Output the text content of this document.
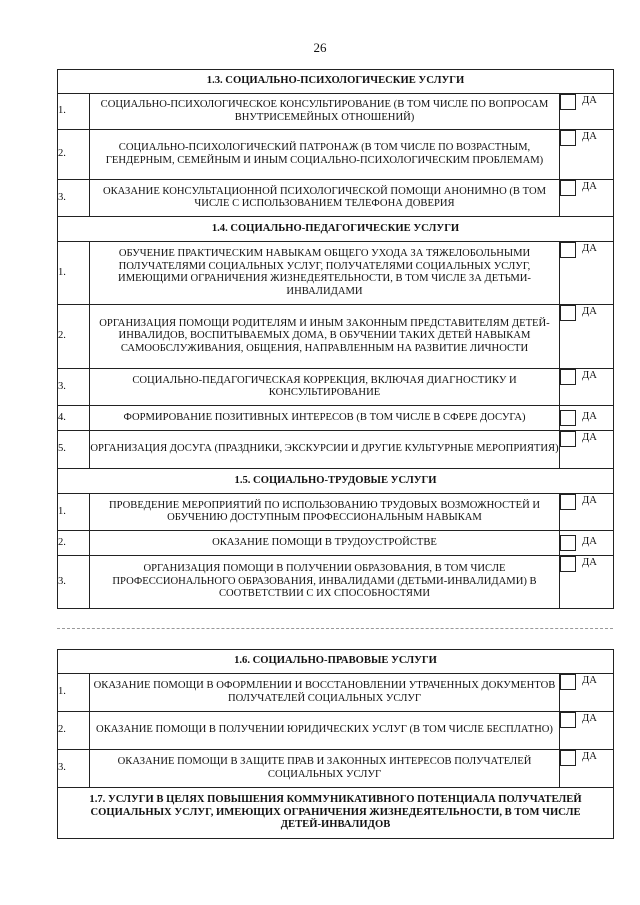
26
1.3. СОЦИАЛЬНО-ПСИХОЛОГИЧЕСКИЕ УСЛУГИ		
1.	СОЦИАЛЬНО-ПСИХОЛОГИЧЕСКОЕ КОНСУЛЬТИРОВАНИЕ (В ТОМ ЧИСЛЕ ПО ВОПРОСАМ ВНУТРИСЕМЕЙНЫХ ОТНОШЕНИЙ)	ДА
2.	СОЦИАЛЬНО-ПСИХОЛОГИЧЕСКИЙ ПАТРОНАЖ (В ТОМ ЧИСЛЕ ПО ВОЗРАСТНЫМ, ГЕНДЕРНЫМ, СЕМЕЙНЫМ И ИНЫМ СОЦИАЛЬНО-ПСИХОЛОГИЧЕСКИМ ПРОБЛЕМАМ)	ДА
3.	ОКАЗАНИЕ КОНСУЛЬТАЦИОННОЙ ПСИХОЛОГИЧЕСКОЙ ПОМОЩИ АНОНИМНО (В ТОМ ЧИСЛЕ С ИСПОЛЬЗОВАНИЕМ ТЕЛЕФОНА ДОВЕРИЯ	ДА
1.4. СОЦИАЛЬНО-ПЕДАГОГИЧЕСКИЕ УСЛУГИ		
1.	ОБУЧЕНИЕ ПРАКТИЧЕСКИМ НАВЫКАМ ОБЩЕГО УХОДА ЗА ТЯЖЕЛОБОЛЬНЫМИ ПОЛУЧАТЕЛЯМИ СОЦИАЛЬНЫХ УСЛУГ, ПОЛУЧАТЕЛЯМИ СОЦИАЛЬНЫХ УСЛУГ, ИМЕЮЩИМИ ОГРАНИЧЕНИЯ ЖИЗНЕДЕЯТЕЛЬНОСТИ, В ТОМ ЧИСЛЕ ЗА ДЕТЬМИ-ИНВАЛИДАМИ	ДА
2.	ОРГАНИЗАЦИЯ ПОМОЩИ РОДИТЕЛЯМ И ИНЫМ ЗАКОННЫМ ПРЕДСТАВИТЕЛЯМ ДЕТЕЙ-ИНВАЛИДОВ, ВОСПИТЫВАЕМЫХ ДОМА, В ОБУЧЕНИИ ТАКИХ ДЕТЕЙ НАВЫКАМ САМООБСЛУЖИВАНИЯ, ОБЩЕНИЯ, НАПРАВЛЕННЫМ НА РАЗВИТИЕ ЛИЧНОСТИ	ДА
3.	СОЦИАЛЬНО-ПЕДАГОГИЧЕСКАЯ КОРРЕКЦИЯ, ВКЛЮЧАЯ ДИАГНОСТИКУ И КОНСУЛЬТИРОВАНИЕ	ДА
4.	ФОРМИРОВАНИЕ ПОЗИТИВНЫХ ИНТЕРЕСОВ (В ТОМ ЧИСЛЕ В СФЕРЕ ДОСУГА)	ДА
5.	ОРГАНИЗАЦИЯ ДОСУГА (ПРАЗДНИКИ, ЭКСКУРСИИ И ДРУГИЕ КУЛЬТУРНЫЕ МЕРОПРИЯТИЯ)	ДА
1.5. СОЦИАЛЬНО-ТРУДОВЫЕ УСЛУГИ		
1.	ПРОВЕДЕНИЕ МЕРОПРИЯТИЙ ПО ИСПОЛЬЗОВАНИЮ ТРУДОВЫХ ВОЗМОЖНОСТЕЙ И ОБУЧЕНИЮ ДОСТУПНЫМ ПРОФЕССИОНАЛЬНЫМ НАВЫКАМ	ДА
2.	ОКАЗАНИЕ ПОМОЩИ В ТРУДОУСТРОЙСТВЕ	ДА
3.	ОРГАНИЗАЦИЯ ПОМОЩИ В ПОЛУЧЕНИИ ОБРАЗОВАНИЯ, В ТОМ ЧИСЛЕ ПРОФЕССИОНАЛЬНОГО ОБРАЗОВАНИЯ, ИНВАЛИДАМИ (ДЕТЬМИ-ИНВАЛИДАМИ) В СООТВЕТСТВИИ С ИХ СПОСОБНОСТЯМИ	ДА
1.6. СОЦИАЛЬНО-ПРАВОВЫЕ УСЛУГИ		
1.	ОКАЗАНИЕ ПОМОЩИ В ОФОРМЛЕНИИ И ВОССТАНОВЛЕНИИ УТРАЧЕННЫХ ДОКУМЕНТОВ ПОЛУЧАТЕЛЕЙ СОЦИАЛЬНЫХ УСЛУГ	ДА
2.	ОКАЗАНИЕ ПОМОЩИ В ПОЛУЧЕНИИ ЮРИДИЧЕСКИХ УСЛУГ (В ТОМ ЧИСЛЕ БЕСПЛАТНО)	ДА
3.	ОКАЗАНИЕ ПОМОЩИ В ЗАЩИТЕ ПРАВ И ЗАКОННЫХ ИНТЕРЕСОВ ПОЛУЧАТЕЛЕЙ СОЦИАЛЬНЫХ УСЛУГ	ДА
1.7. УСЛУГИ В ЦЕЛЯХ ПОВЫШЕНИЯ КОММУНИКАТИВНОГО ПОТЕНЦИАЛА ПОЛУЧАТЕЛЕЙ СОЦИАЛЬНЫХ УСЛУГ, ИМЕЮЩИХ ОГРАНИЧЕНИЯ ЖИЗНЕДЕЯТЕЛЬНОСТИ, В ТОМ ЧИСЛЕ ДЕТЕЙ-ИНВАЛИДОВ		
